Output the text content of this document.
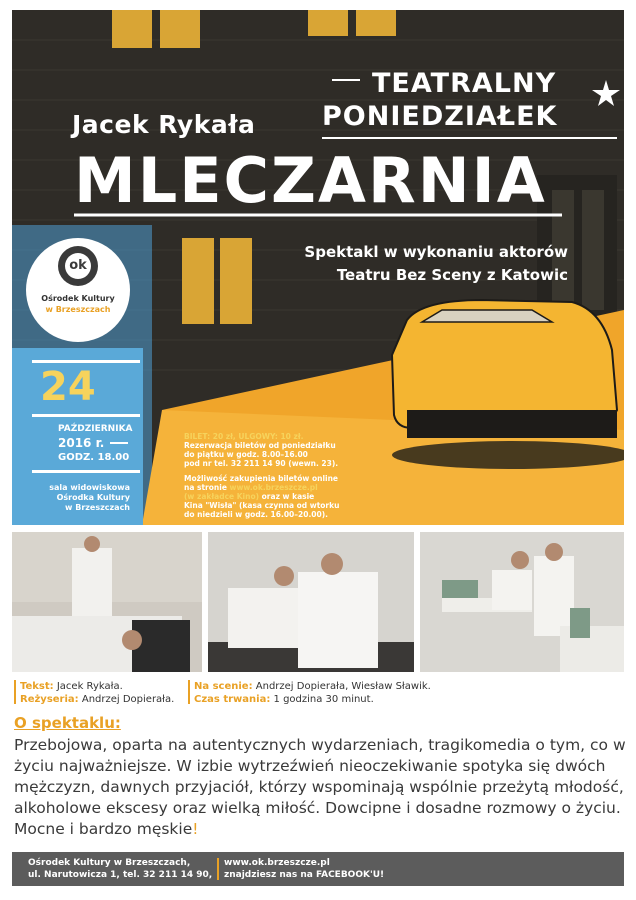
Jacek Rykała
TEATRALNY
PONIEDZIAŁEK
MLECZARNIA
Spektakl w wykonaniu aktorów
Teatru Bez Sceny z Katowic
ok
Ośrodek Kultury
w Brzeszczach
24
PAŹDZIERNIKA
2016 r.
GODZ. 18.00
sala widowiskowa
Ośrodka Kultury
w Brzeszczach
BILET: 20 zł, ULGOWY: 10 zł.
Rezerwacja biletów od poniedziałku
do piątku w godz. 8.00–16.00
pod nr tel. 32 211 14 90 (wewn. 23).
Możliwość zakupienia biletów online
na stronie www.ok.brzeszcze.pl
(w zakładce Kino) oraz w kasie
Kina "Wisła" (kasa czynna od wtorku
do niedzieli w godz. 16.00–20.00).
Tekst: Jacek Rykała.
Reżyseria: Andrzej Dopierała.
Na scenie: Andrzej Dopierała, Wiesław Sławik.
Czas trwania: 1 godzina 30 minut.
O spektaklu:
Przebojowa, oparta na autentycznych wydarzeniach, tragikomedia o tym, co w życiu najważniejsze. W izbie wytrzeźwień nieoczekiwanie spotyka się dwóch mężczyzn, dawnych przyjaciół, którzy wspominają wspólnie przeżytą młodość, alkoholowe ekscesy oraz wielką miłość. Dowcipne i dosadne rozmowy o życiu. Mocne i bardzo męskie!
Ośrodek Kultury w Brzeszczach,
ul. Narutowicza 1, tel. 32 211 14 90,
www.ok.brzeszcze.pl
znajdziesz nas na FACEBOOK'U!
